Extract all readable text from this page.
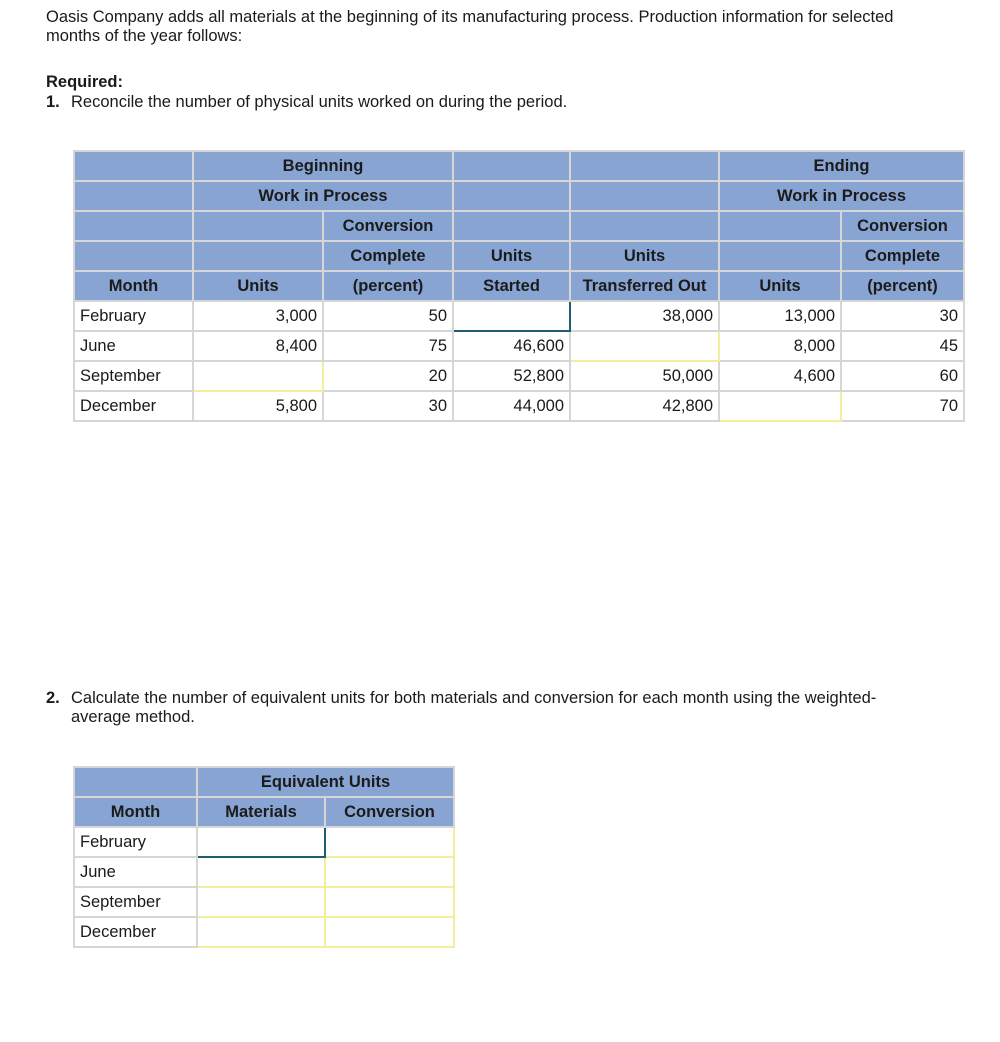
Oasis Company adds all materials at the beginning of its manufacturing process. Production information for selected months of the year follows:

Required:

1. Reconcile the number of physical units worked on during the period.
	Beginning				Ending	
	Work in Process				Work in Process	
		Conversion				Conversion
		Complete	Units	Units		Complete
Month	Units	(percent)	Started	Transferred Out	Units	(percent)
February	3,000	50		38,000	13,000	30
June	8,400	75	46,600		8,000	45
September		20	52,800	50,000	4,600	60
December	5,800	30	44,000	42,800		70
2. Calculate the number of equivalent units for both materials and conversion for each month using the weighted-average method.
	Equivalent Units	
Month	Materials	Conversion
February		
June		
September		
December		
